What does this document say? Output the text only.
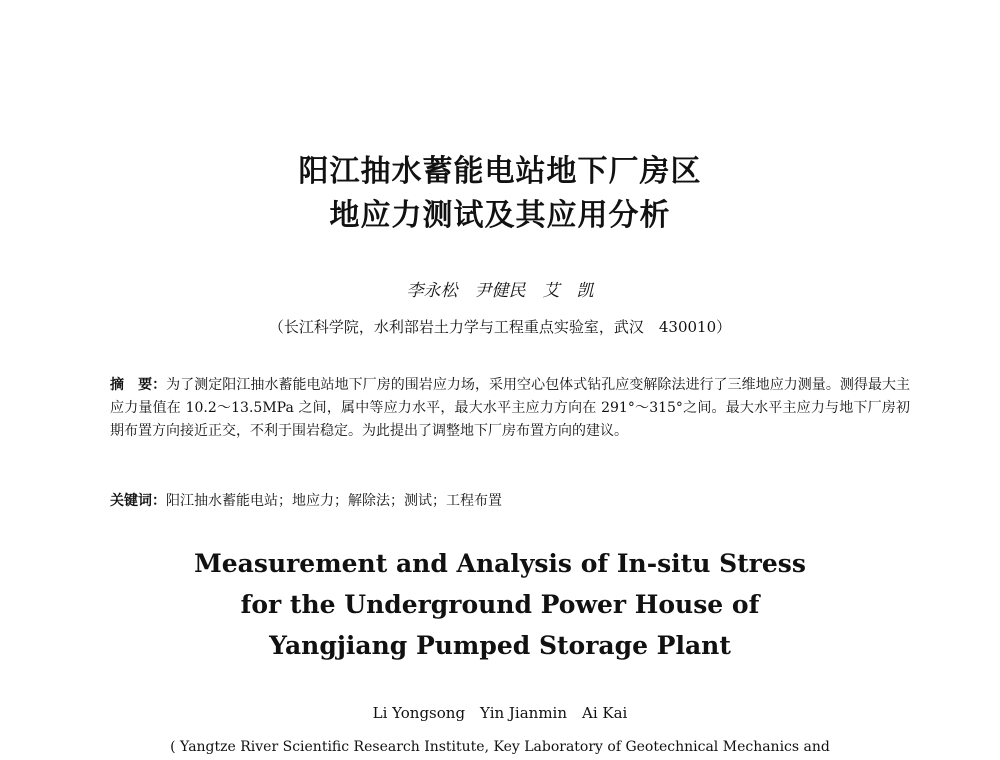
阳江抽水蓄能电站地下厂房区
地应力测试及其应用分析
李永松　尹健民　艾　凯
（长江科学院，水利部岩土力学与工程重点实验室，武汉　430010）
摘　要：为了测定阳江抽水蓄能电站地下厂房的围岩应力场，采用空心包体式钻孔应变解除法进行了三维地应力测量。测得最大主应力量值在 10.2～13.5MPa 之间，属中等应力水平，最大水平主应力方向在 291°～315°之间。最大水平主应力与地下厂房初期布置方向接近正交，不利于围岩稳定。为此提出了调整地下厂房布置方向的建议。
关键词：阳江抽水蓄能电站；地应力；解除法；测试；工程布置
Measurement and Analysis of In-situ Stress
for the Underground Power House of
Yangjiang Pumped Storage Plant
Li Yongsong　Yin Jianmin　Ai Kai
( Yangtze River Scientific Research Institute, Key Laboratory of Geotechnical Mechanics and
